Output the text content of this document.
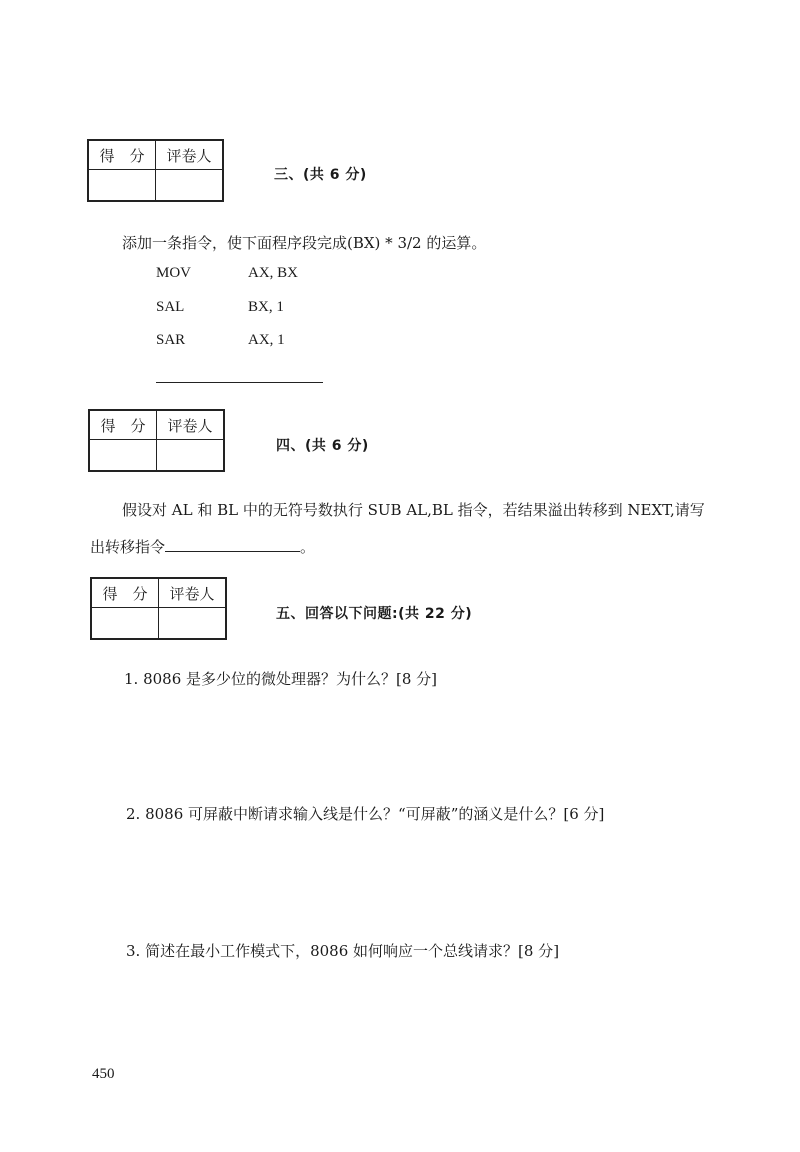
得　分	评卷人

三、(共 6 分)
添加一条指令，使下面程序段完成(BX) * 3/2 的运算。
MOV	AX, BX
SAL	BX, 1
SAR	AX, 1
得　分	评卷人

四、(共 6 分)
假设对 AL 和 BL 中的无符号数执行 SUB AL,BL 指令，若结果溢出转移到 NEXT,请写
出转移指令	。
得　分	评卷人

五、回答以下问题:(共 22 分)
1. 8086 是多少位的微处理器？为什么？[8 分]
2. 8086 可屏蔽中断请求输入线是什么？“可屏蔽”的涵义是什么？[6 分]
3. 简述在最小工作模式下，8086 如何响应一个总线请求？[8 分]
450
